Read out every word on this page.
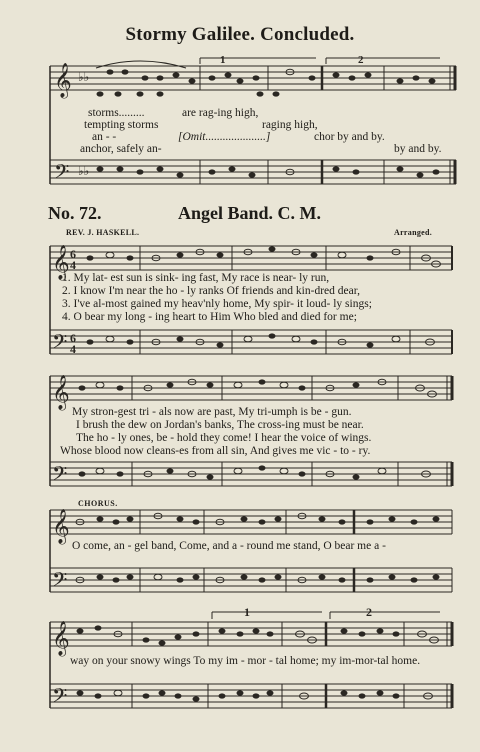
Stormy Galilee. Concluded.
𝄞
𝄢
♭♭
♭♭
1	2
storms.........	are rag-ing high,
tempting storms	raging high,
an - -	[Omit.....................]	chor by and by.
anchor, safely an-	by and by.
No. 72.	Angel Band. C. M.
REV. J. HASKELL.	Arranged.
𝄞
𝄢
6
4
6
4
1. My lat- est sun is sink- ing fast, My race is near- ly run,
2. I know I'm near the ho - ly ranks Of friends and kin-dred dear,
3. I've al-most gained my heav'nly home, My spir- it loud- ly sings;
4. O bear my long - ing heart to Him Who bled and died for me;
𝄞
𝄢
My stron-gest tri - als now are past, My tri-umph is be - gun.
I brush the dew on Jordan's banks, The cross-ing must be near.
The ho - ly ones, be - hold they come! I hear the voice of wings.
Whose blood now cleans-es from all sin, And gives me vic - to - ry.
CHORUS.
𝄞
𝄢
O come, an - gel band, Come, and a - round me stand, O bear me a -
1	2
𝄞
𝄢
way on your snowy wings To my im - mor - tal home; my im-mor-tal home.
